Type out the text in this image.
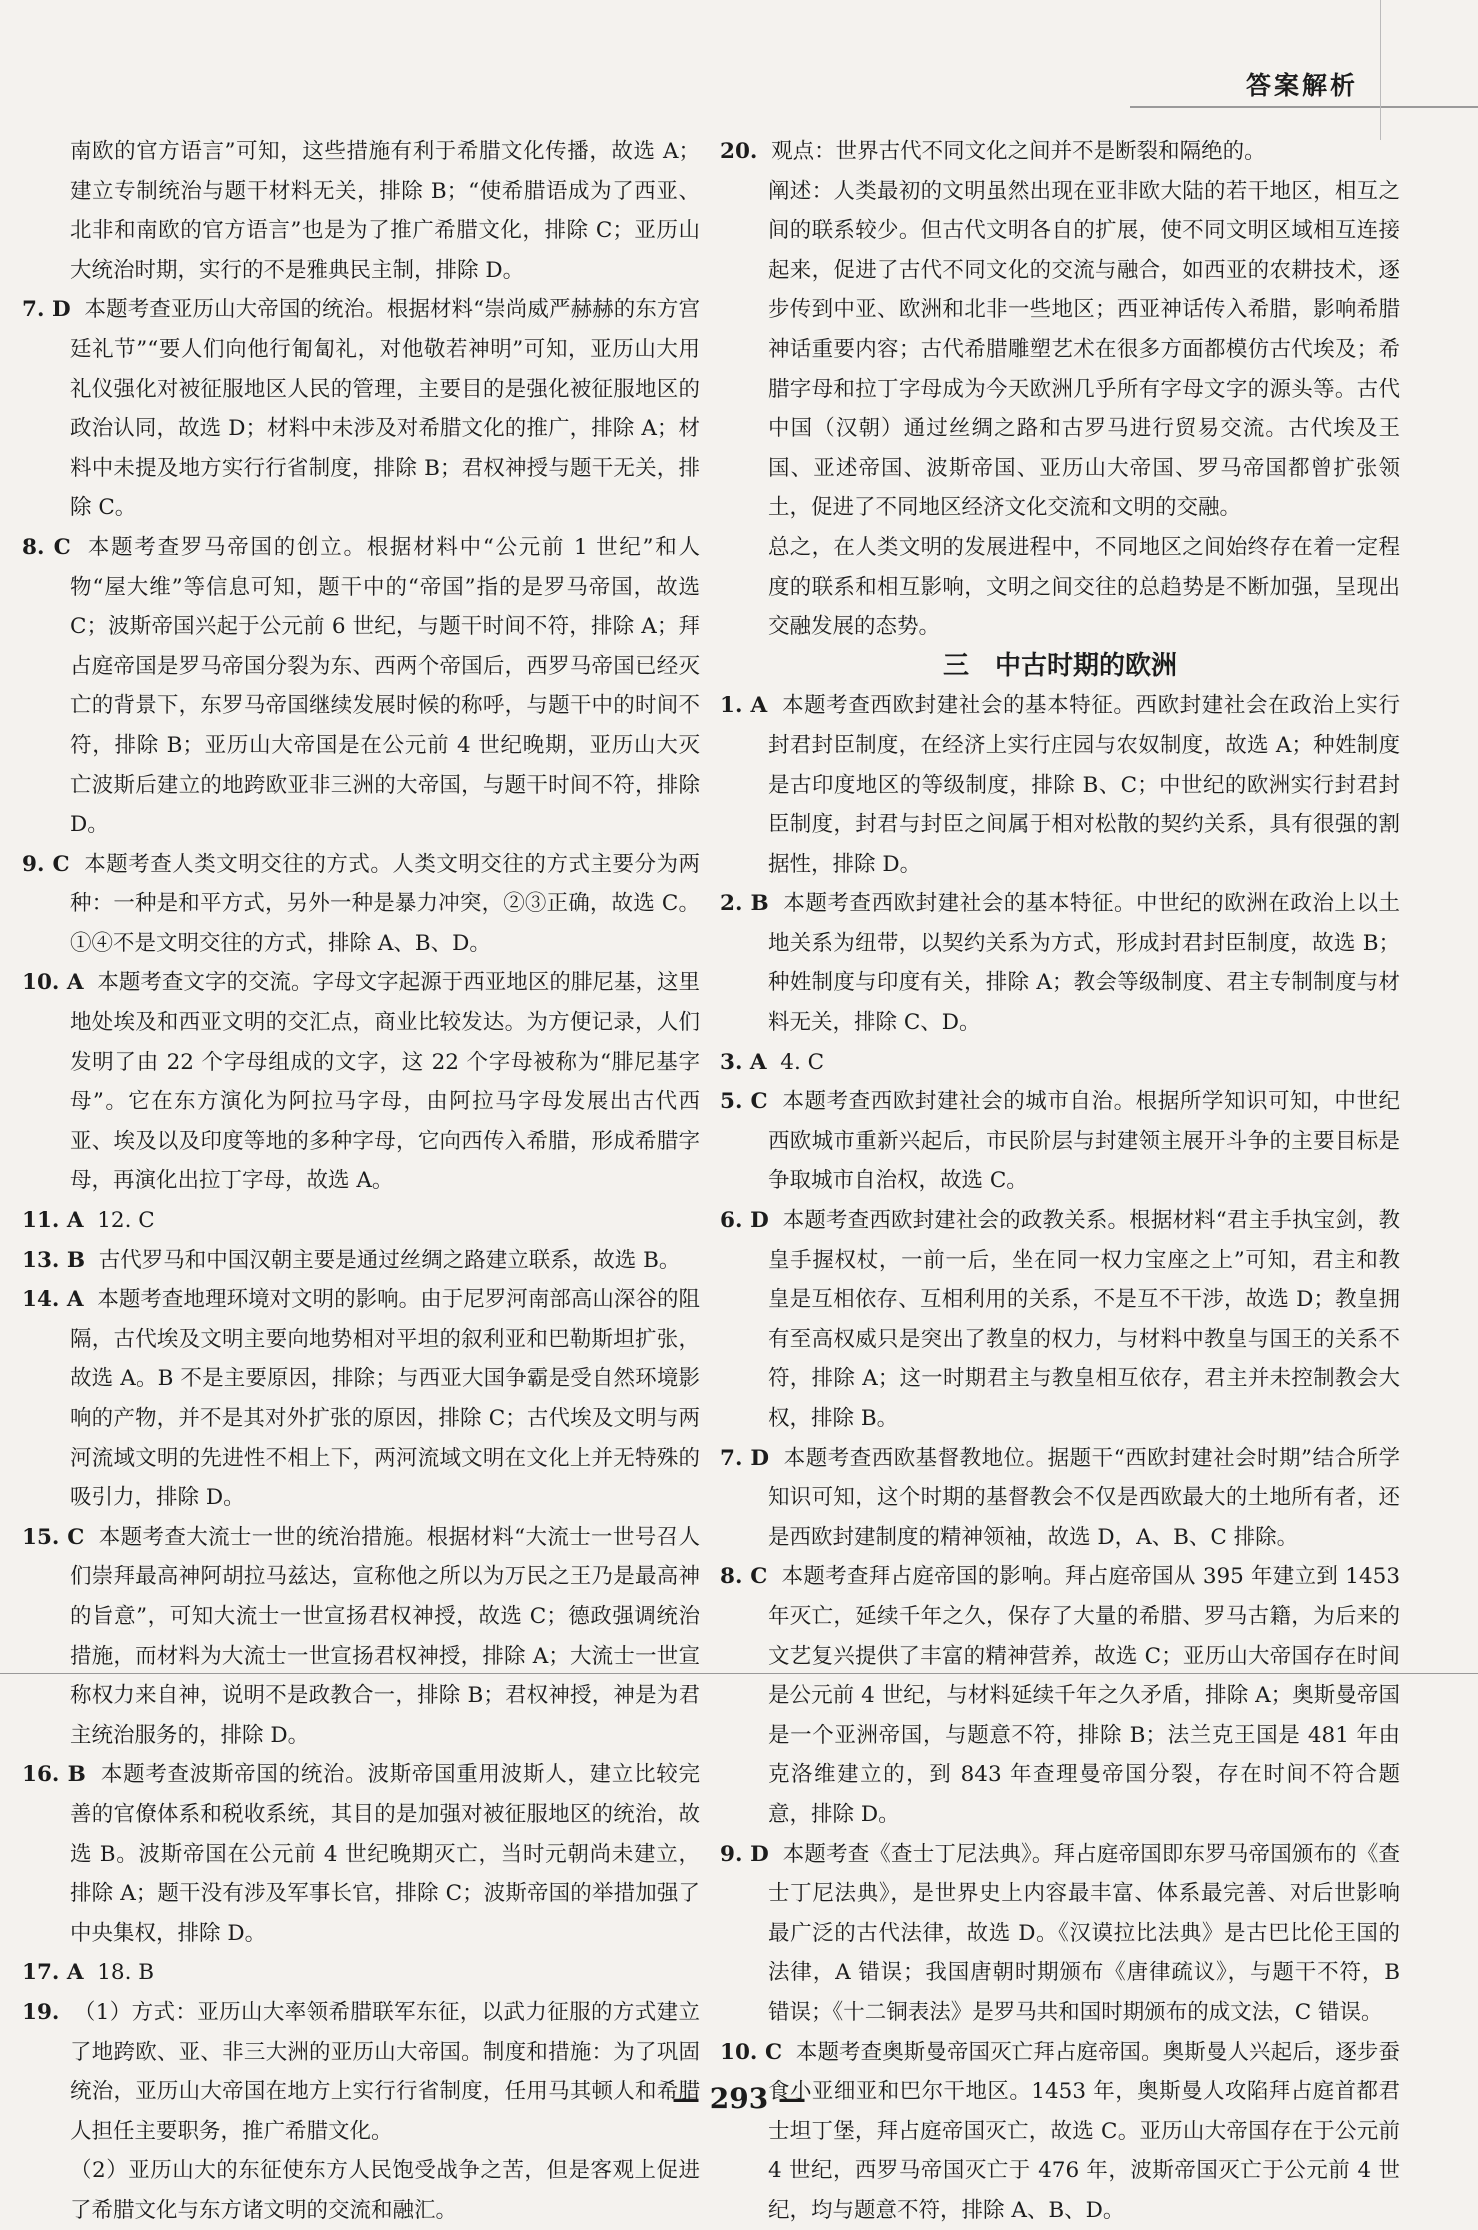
答案解析

南欧的官方语言”可知，这些措施有利于希腊文化传播，故选 A；建立专制统治与题干材料无关，排除 B；“使希腊语成为了西亚、北非和南欧的官方语言”也是为了推广希腊文化，排除 C；亚历山大统治时期，实行的不是雅典民主制，排除 D。

7. D 本题考查亚历山大帝国的统治。根据材料“崇尚威严赫赫的东方宫廷礼节”“要人们向他行匍匐礼，对他敬若神明”可知，亚历山大用礼仪强化对被征服地区人民的管理，主要目的是强化被征服地区的政治认同，故选 D；材料中未涉及对希腊文化的推广，排除 A；材料中未提及地方实行行省制度，排除 B；君权神授与题干无关，排除 C。

8. C 本题考查罗马帝国的创立。根据材料中“公元前 1 世纪”和人物“屋大维”等信息可知，题干中的“帝国”指的是罗马帝国，故选 C；波斯帝国兴起于公元前 6 世纪，与题干时间不符，排除 A；拜占庭帝国是罗马帝国分裂为东、西两个帝国后，西罗马帝国已经灭亡的背景下，东罗马帝国继续发展时候的称呼，与题干中的时间不符，排除 B；亚历山大帝国是在公元前 4 世纪晚期，亚历山大灭亡波斯后建立的地跨欧亚非三洲的大帝国，与题干时间不符，排除 D。

9. C 本题考查人类文明交往的方式。人类文明交往的方式主要分为两种：一种是和平方式，另外一种是暴力冲突，②③正确，故选 C。①④不是文明交往的方式，排除 A、B、D。

10. A 本题考查文字的交流。字母文字起源于西亚地区的腓尼基，这里地处埃及和西亚文明的交汇点，商业比较发达。为方便记录，人们发明了由 22 个字母组成的文字，这 22 个字母被称为“腓尼基字母”。它在东方演化为阿拉马字母，由阿拉马字母发展出古代西亚、埃及以及印度等地的多种字母，它向西传入希腊，形成希腊字母，再演化出拉丁字母，故选 A。

11. A 12. C

13. B 古代罗马和中国汉朝主要是通过丝绸之路建立联系，故选 B。

14. A 本题考查地理环境对文明的影响。由于尼罗河南部高山深谷的阻隔，古代埃及文明主要向地势相对平坦的叙利亚和巴勒斯坦扩张，故选 A。B 不是主要原因，排除；与西亚大国争霸是受自然环境影响的产物，并不是其对外扩张的原因，排除 C；古代埃及文明与两河流域文明的先进性不相上下，两河流域文明在文化上并无特殊的吸引力，排除 D。

15. C 本题考查大流士一世的统治措施。根据材料“大流士一世号召人们崇拜最高神阿胡拉马兹达，宣称他之所以为万民之王乃是最高神的旨意”，可知大流士一世宣扬君权神授，故选 C；德政强调统治措施，而材料为大流士一世宣扬君权神授，排除 A；大流士一世宣称权力来自神，说明不是政教合一，排除 B；君权神授，神是为君主统治服务的，排除 D。

16. B 本题考查波斯帝国的统治。波斯帝国重用波斯人，建立比较完善的官僚体系和税收系统，其目的是加强对被征服地区的统治，故选 B。波斯帝国在公元前 4 世纪晚期灭亡，当时元朝尚未建立，排除 A；题干没有涉及军事长官，排除 C；波斯帝国的举措加强了中央集权，排除 D。

17. A 18. B

19. （1）方式：亚历山大率领希腊联军东征，以武力征服的方式建立了地跨欧、亚、非三大洲的亚历山大帝国。制度和措施：为了巩固统治，亚历山大帝国在地方上实行行省制度，任用马其顿人和希腊人担任主要职务，推广希腊文化。

（2）亚历山大的东征使东方人民饱受战争之苦，但是客观上促进了希腊文化与东方诸文明的交流和融汇。

20. 观点：世界古代不同文化之间并不是断裂和隔绝的。

阐述：人类最初的文明虽然出现在亚非欧大陆的若干地区，相互之间的联系较少。但古代文明各自的扩展，使不同文明区域相互连接起来，促进了古代不同文化的交流与融合，如西亚的农耕技术，逐步传到中亚、欧洲和北非一些地区；西亚神话传入希腊，影响希腊神话重要内容；古代希腊雕塑艺术在很多方面都模仿古代埃及；希腊字母和拉丁字母成为今天欧洲几乎所有字母文字的源头等。古代中国（汉朝）通过丝绸之路和古罗马进行贸易交流。古代埃及王国、亚述帝国、波斯帝国、亚历山大帝国、罗马帝国都曾扩张领土，促进了不同地区经济文化交流和文明的交融。

总之，在人类文明的发展进程中，不同地区之间始终存在着一定程度的联系和相互影响，文明之间交往的总趋势是不断加强，呈现出交融发展的态势。

三　中古时期的欧洲

1. A 本题考查西欧封建社会的基本特征。西欧封建社会在政治上实行封君封臣制度，在经济上实行庄园与农奴制度，故选 A；种姓制度是古印度地区的等级制度，排除 B、C；中世纪的欧洲实行封君封臣制度，封君与封臣之间属于相对松散的契约关系，具有很强的割据性，排除 D。

2. B 本题考查西欧封建社会的基本特征。中世纪的欧洲在政治上以土地关系为纽带，以契约关系为方式，形成封君封臣制度，故选 B；种姓制度与印度有关，排除 A；教会等级制度、君主专制制度与材料无关，排除 C、D。

3. A 4. C

5. C 本题考查西欧封建社会的城市自治。根据所学知识可知，中世纪西欧城市重新兴起后，市民阶层与封建领主展开斗争的主要目标是争取城市自治权，故选 C。

6. D 本题考查西欧封建社会的政教关系。根据材料“君主手执宝剑，教皇手握权杖，一前一后，坐在同一权力宝座之上”可知，君主和教皇是互相依存、互相利用的关系，不是互不干涉，故选 D；教皇拥有至高权威只是突出了教皇的权力，与材料中教皇与国王的关系不符，排除 A；这一时期君主与教皇相互依存，君主并未控制教会大权，排除 B。

7. D 本题考查西欧基督教地位。据题干“西欧封建社会时期”结合所学知识可知，这个时期的基督教会不仅是西欧最大的土地所有者，还是西欧封建制度的精神领袖，故选 D，A、B、C 排除。

8. C 本题考查拜占庭帝国的影响。拜占庭帝国从 395 年建立到 1453 年灭亡，延续千年之久，保存了大量的希腊、罗马古籍，为后来的文艺复兴提供了丰富的精神营养，故选 C；亚历山大帝国存在时间是公元前 4 世纪，与材料延续千年之久矛盾，排除 A；奥斯曼帝国是一个亚洲帝国，与题意不符，排除 B；法兰克王国是 481 年由克洛维建立的，到 843 年查理曼帝国分裂，存在时间不符合题意，排除 D。

9. D 本题考查《查士丁尼法典》。拜占庭帝国即东罗马帝国颁布的《查士丁尼法典》，是世界史上内容最丰富、体系最完善、对后世影响最广泛的古代法律，故选 D。《汉谟拉比法典》是古巴比伦王国的法律，A 错误；我国唐朝时期颁布《唐律疏议》，与题干不符，B 错误；《十二铜表法》是罗马共和国时期颁布的成文法，C 错误。

10. C 本题考查奥斯曼帝国灭亡拜占庭帝国。奥斯曼人兴起后，逐步蚕食小亚细亚和巴尔干地区。1453 年，奥斯曼人攻陷拜占庭首都君士坦丁堡，拜占庭帝国灭亡，故选 C。亚历山大帝国存在于公元前 4 世纪，西罗马帝国灭亡于 476 年，波斯帝国灭亡于公元前 4 世纪，均与题意不符，排除 A、B、D。

— 293 —
